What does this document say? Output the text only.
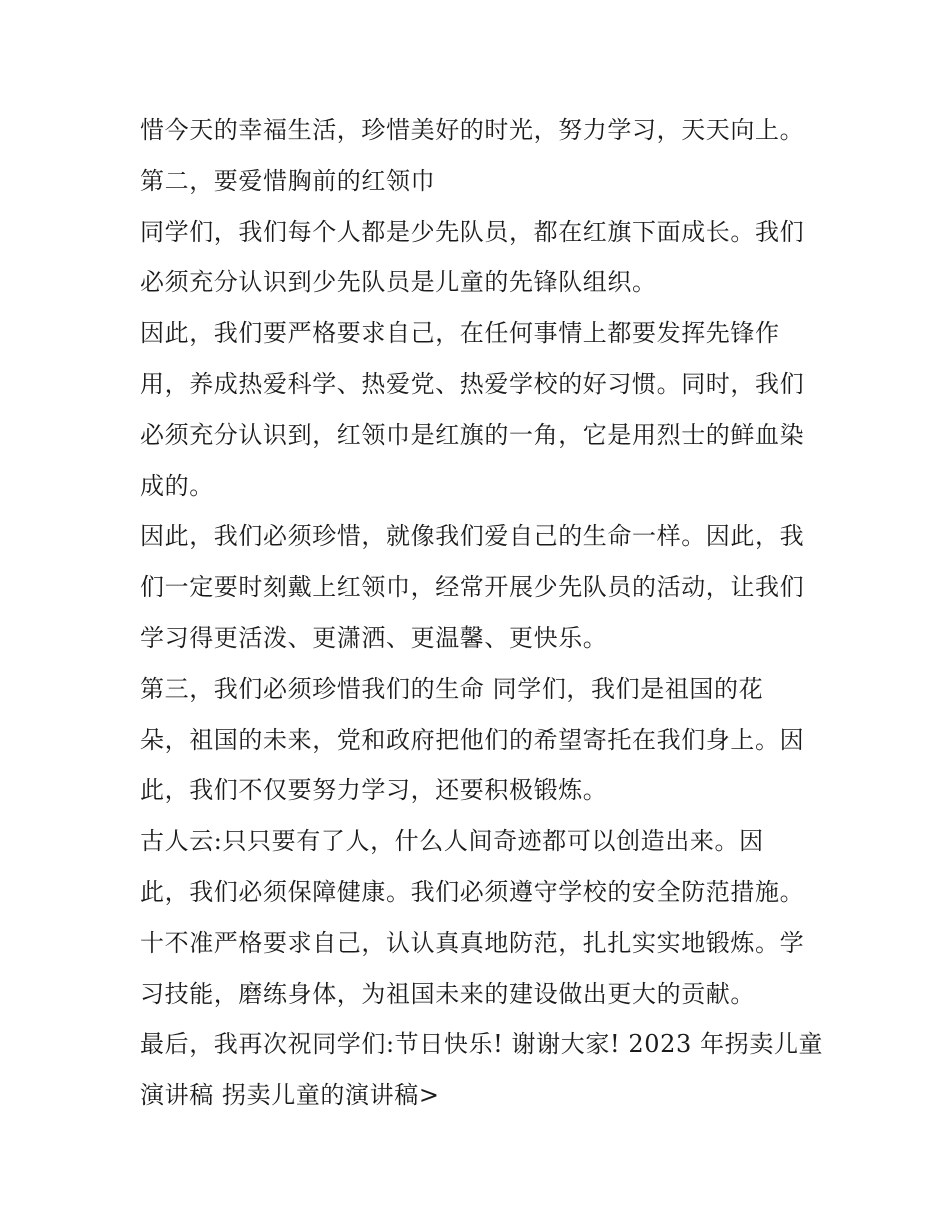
惜今天的幸福生活，珍惜美好的时光，努力学习，天天向上。
第二，要爱惜胸前的红领巾
同学们，我们每个人都是少先队员，都在红旗下面成长。我们
必须充分认识到少先队员是儿童的先锋队组织。
因此，我们要严格要求自己，在任何事情上都要发挥先锋作
用，养成热爱科学、热爱党、热爱学校的好习惯。同时，我们
必须充分认识到，红领巾是红旗的一角，它是用烈士的鲜血染
成的。
因此，我们必须珍惜，就像我们爱自己的生命一样。因此，我
们一定要时刻戴上红领巾，经常开展少先队员的活动，让我们
学习得更活泼、更潇洒、更温馨、更快乐。
第三，我们必须珍惜我们的生命 同学们，我们是祖国的花
朵，祖国的未来，党和政府把他们的希望寄托在我们身上。因
此，我们不仅要努力学习，还要积极锻炼。
古人云:只只要有了人，什么人间奇迹都可以创造出来。因
此，我们必须保障健康。我们必须遵守学校的安全防范措施。
十不准严格要求自己，认认真真地防范，扎扎实实地锻炼。学
习技能，磨练身体，为祖国未来的建设做出更大的贡献。
最后，我再次祝同学们:节日快乐! 谢谢大家! 2023 年拐卖儿童
演讲稿 拐卖儿童的演讲稿>
